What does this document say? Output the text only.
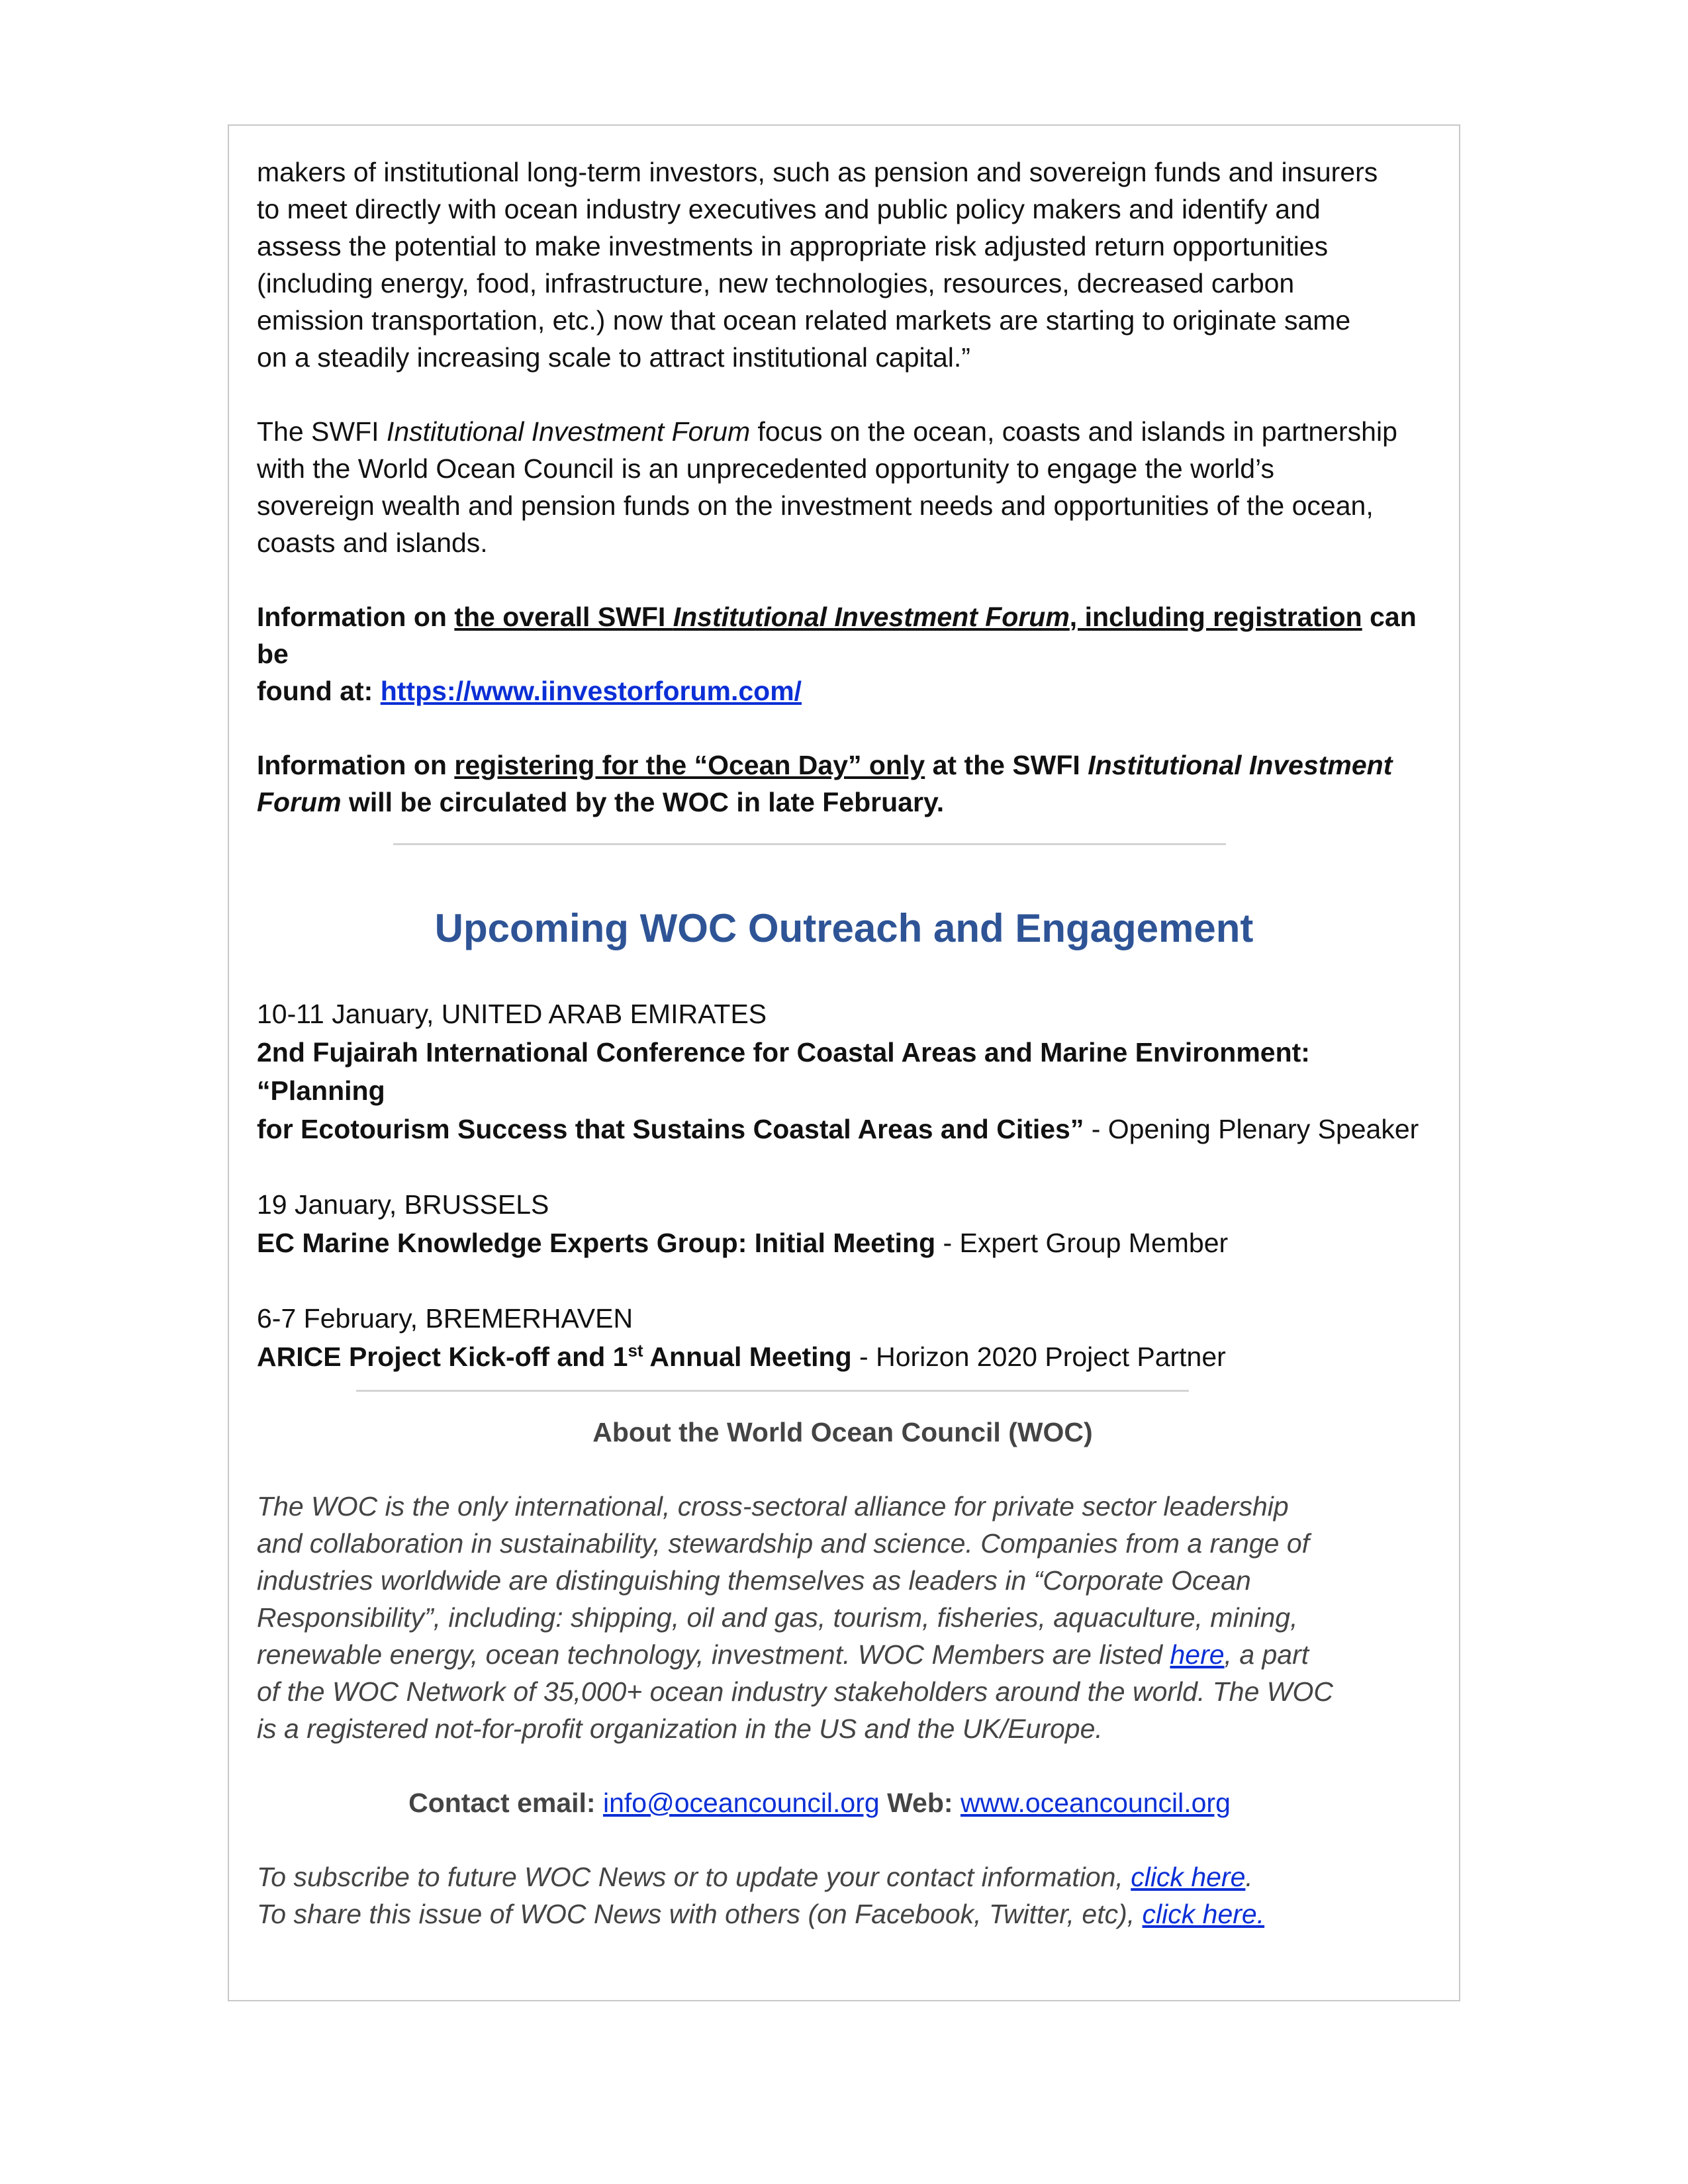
makers of institutional long-term investors, such as pension and sovereign funds and insurers
to meet directly with ocean industry executives and public policy makers and identify and
assess the potential to make investments in appropriate risk adjusted return opportunities
(including energy, food, infrastructure, new technologies, resources, decreased carbon
emission transportation, etc.) now that ocean related markets are starting to originate same
on a steadily increasing scale to attract institutional capital.”

The SWFI Institutional Investment Forum focus on the ocean, coasts and islands in partnership
with the World Ocean Council is an unprecedented opportunity to engage the world’s
sovereign wealth and pension funds on the investment needs and opportunities of the ocean,
coasts and islands.

Information on the overall SWFI Institutional Investment Forum, including registration can be
found at: https://www.iinvestorforum.com/

Information on registering for the “Ocean Day” only at the SWFI Institutional Investment
Forum will be circulated by the WOC in late February.

Upcoming WOC Outreach and Engagement

10-11 January, UNITED ARAB EMIRATES

2nd Fujairah International Conference for Coastal Areas and Marine Environment: “Planning
for Ecotourism Success that Sustains Coastal Areas and Cities” - Opening Plenary Speaker

19 January, BRUSSELS

EC Marine Knowledge Experts Group: Initial Meeting - Expert Group Member

6-7 February, BREMERHAVEN

ARICE Project Kick-off and 1st Annual Meeting - Horizon 2020 Project Partner

About the World Ocean Council (WOC)

The WOC is the only international, cross-sectoral alliance for private sector leadership
and collaboration in sustainability, stewardship and science. Companies from a range of
industries worldwide are distinguishing themselves as leaders in “Corporate Ocean
Responsibility”, including: shipping, oil and gas, tourism, fisheries, aquaculture, mining,
renewable energy, ocean technology, investment. WOC Members are listed here, a part
of the WOC Network of 35,000+ ocean industry stakeholders around the world. The WOC
is a registered not-for-profit organization in the US and the UK/Europe.

Contact email: info@oceancouncil.org Web: www.oceancouncil.org

To subscribe to future WOC News or to update your contact information, click here.
To share this issue of WOC News with others (on Facebook, Twitter, etc), click here.
